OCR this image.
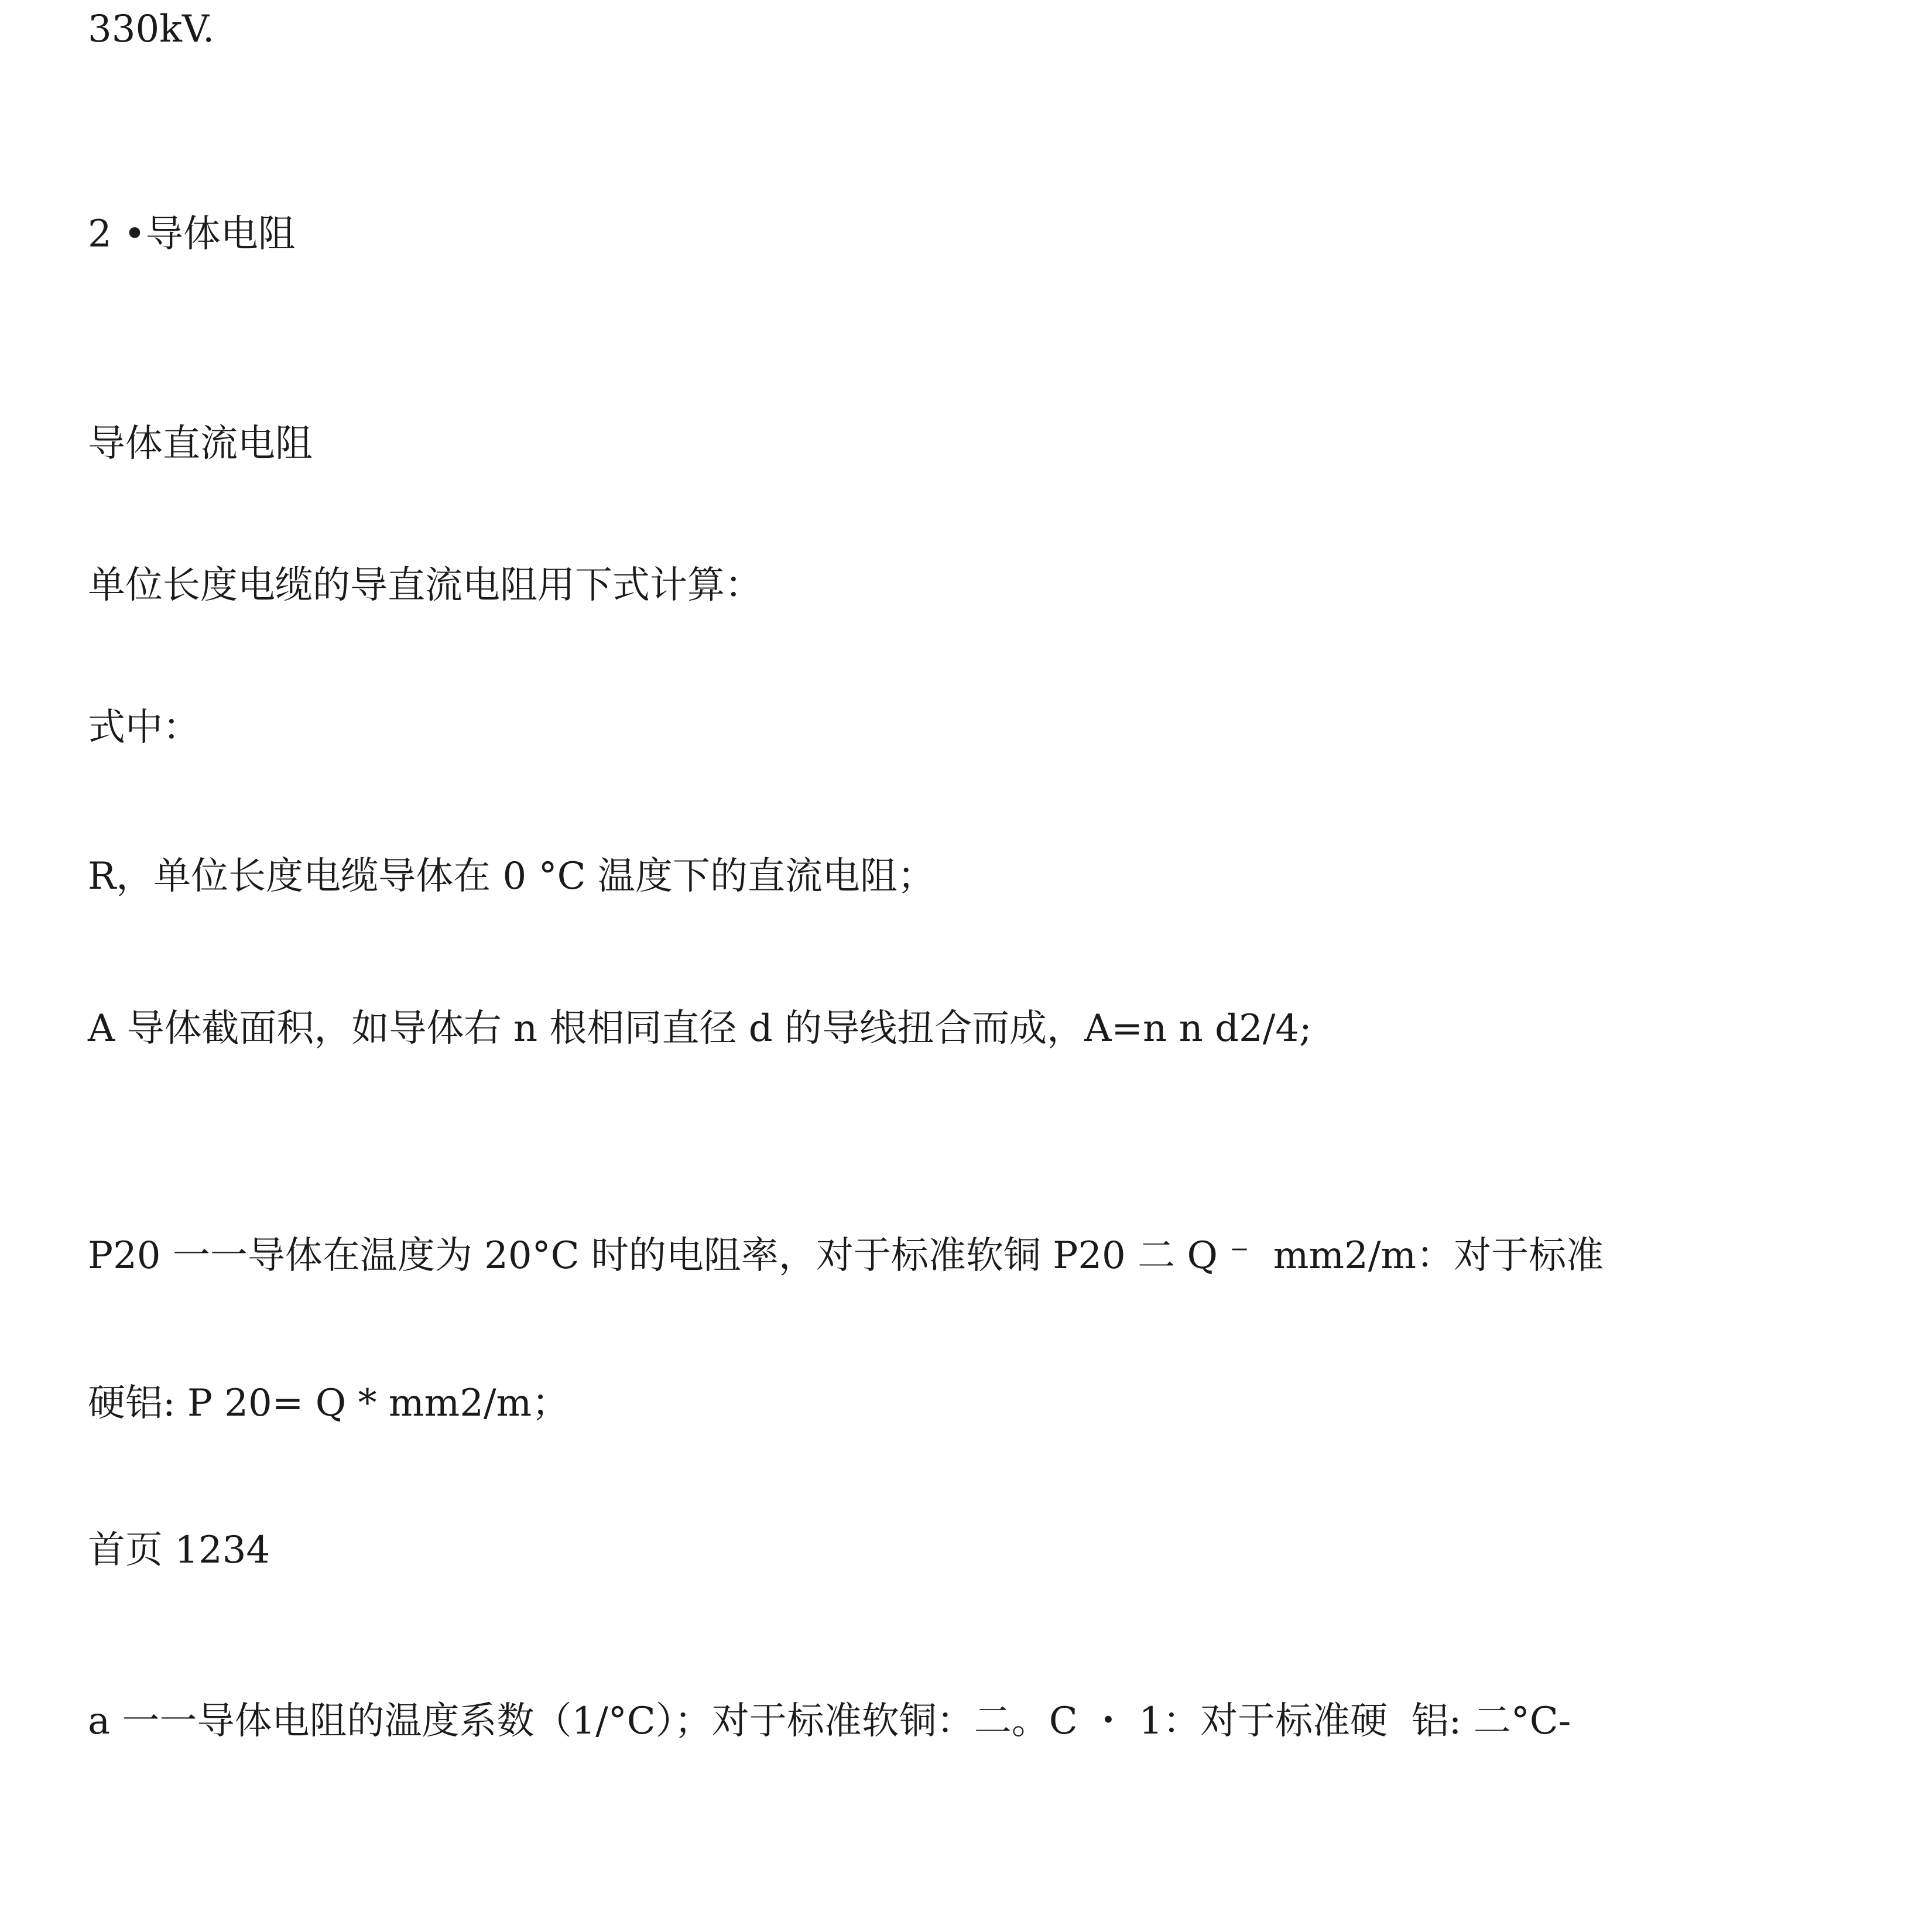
330kV.

2 •导体电阻

导体直流电阻

单位长度电缆的导直流电阻用下式计算：

式中：

R，单位长度电缆导体在 0 °C 温度下的直流电阻；

A 导体截面积，如导体右 n 根相同直径 d 的导线扭合而成，A=n n d2/4;

P20 一一导体在温度为 20°C 时的电阻率，对于标准软铜 P20 二 Q ⁻  mm2/m：对于标准

硬铝: P 20= Q * mm2/m；

首页 1234

a 一一导体电阻的温度系数（1/°C）；对于标准软铜：二。C ・ 1：对于标准硬  铝: 二°C-
